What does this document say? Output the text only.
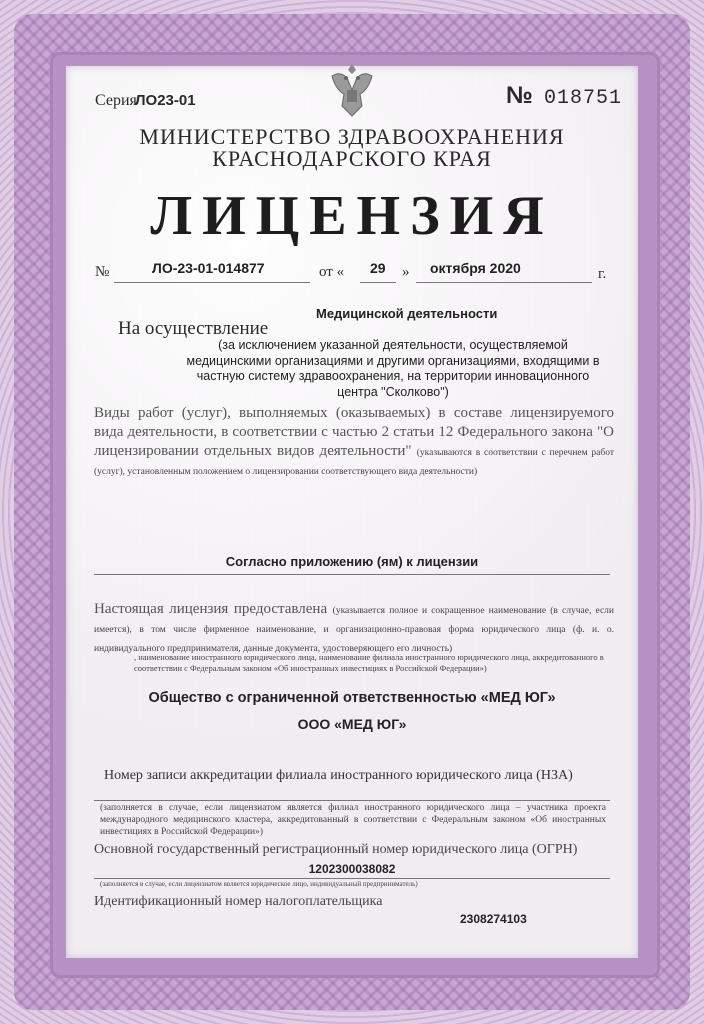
Серия
ЛО23-01	№ 018751
МИНИСТЕРСТВО ЗДРАВООХРАНЕНИЯ
КРАСНОДАРСКОГО КРАЯ
ЛИЦЕНЗИЯ
№	ЛО-23-01-014877	от « 29 » октября 2020	г.
Медицинской деятельности
На осуществление
(за исключением указанной деятельности, осуществляемой медицинскими организациями и другими организациями, входящими в частную систему здравоохранения, на территории инновационного центра "Сколково")
Виды работ (услуг), выполняемых (оказываемых) в составе лицензируемого вида деятельности, в соответствии с частью 2 статьи 12 Федерального закона "О лицензировании отдельных видов деятельности" (указываются в соответствии с перечнем работ (услуг), установленным положением о лицензировании соответствующего вида деятельности)
Согласно приложению (ям) к лицензии
Настоящая лицензия предоставлена (указывается полное и сокращенное наименование (в случае, если имеется), в том числе фирменное наименование, и организационно-правовая форма юридического лица (ф. и. о. индивидуального предпринимателя, данные документа, удостоверяющего его личность)
, наименование иностранного юридического лица, наименование филиала иностранного юридического лица, аккредитованного в соответствии с Федеральным законом «Об иностранных инвестициях в Российской Федерации»)
Общество с ограниченной ответственностью «МЕД ЮГ»
ООО «МЕД ЮГ»
Номер записи аккредитации филиала иностранного юридического лица (НЗА)
(заполняется в случае, если лицензиатом является филиал иностранного юридического лица – участника проекта международного медицинского кластера, аккредитованный в соответствии с Федеральным законом «Об иностранных инвестициях в Российской Федерации»)
Основной государственный регистрационный номер юридического лица (ОГРН)
1202300038082
(заполняется в случае, если лицензиатом является юридическое лицо, индивидуальный предприниматель)
Идентификационный номер налогоплательщика
2308274103
